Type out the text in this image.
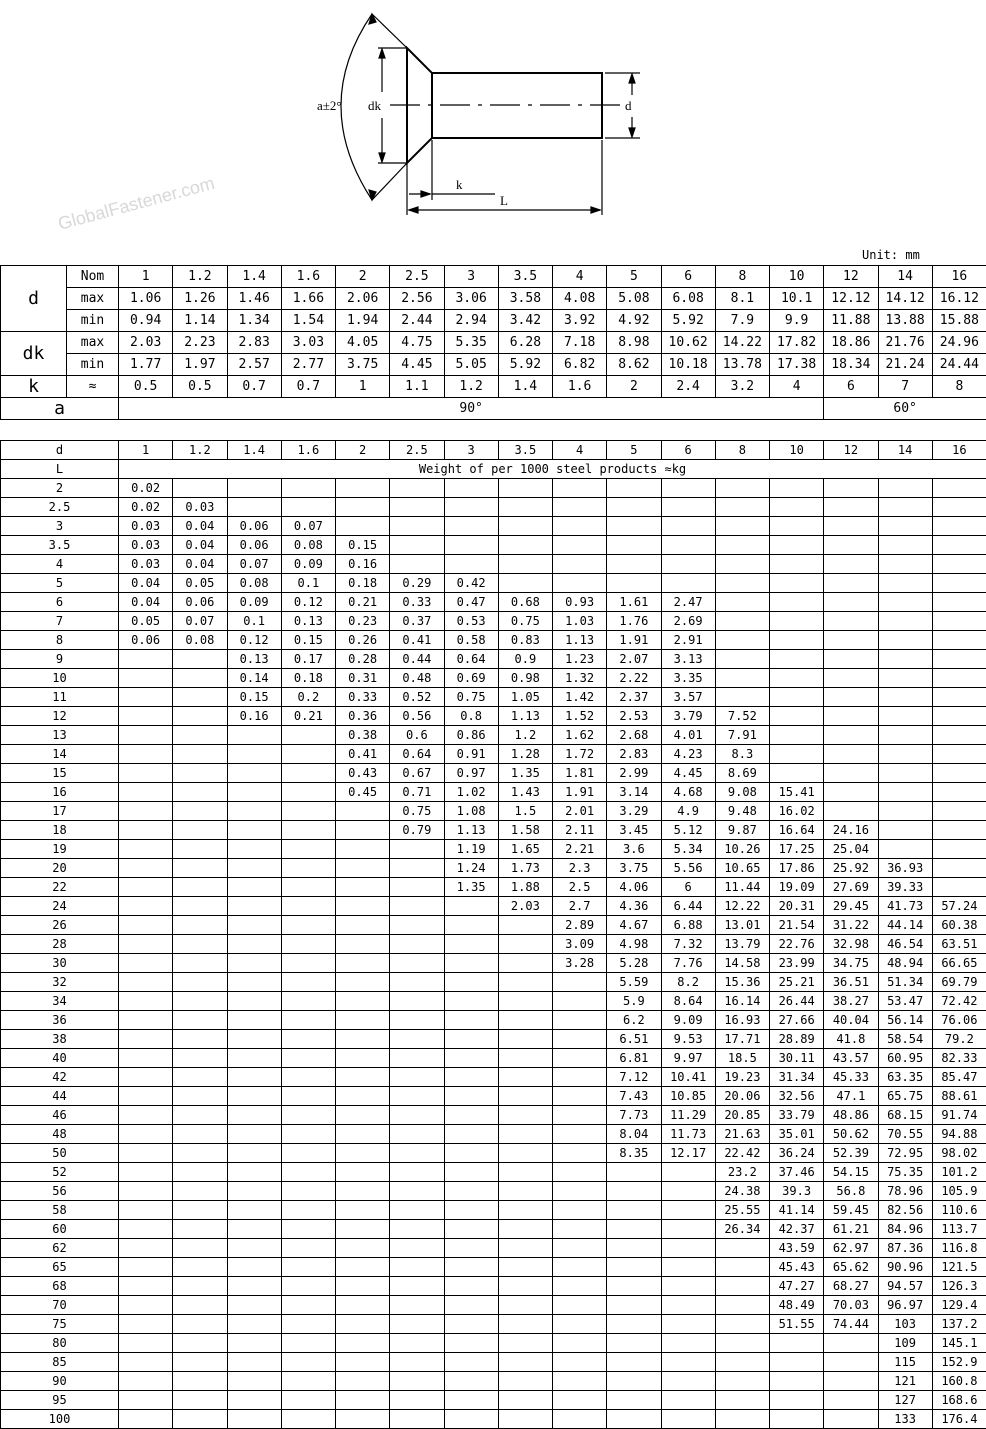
a±2° dk	d
k
L
GlobalFastener.com
Unit: mm
d	Nom	1	1.2	1.4	1.6	2	2.5	3	3.5	4	5	6	8	10	12	14	16
	max	1.06	1.26	1.46	1.66	2.06	2.56	3.06	3.58	4.08	5.08	6.08	8.1	10.1	12.12	14.12	16.12
	min	0.94	1.14	1.34	1.54	1.94	2.44	2.94	3.42	3.92	4.92	5.92	7.9	9.9	11.88	13.88	15.88
dk	max	2.03	2.23	2.83	3.03	4.05	4.75	5.35	6.28	7.18	8.98	10.62	14.22	17.82	18.86	21.76	24.96
	min	1.77	1.97	2.57	2.77	3.75	4.45	5.05	5.92	6.82	8.62	10.18	13.78	17.38	18.34	21.24	24.44
k	≈	0.5	0.5	0.7	0.7	1	1.1	1.2	1.4	1.6	2	2.4	3.2	4	6	7	8
a		90°													60°		
d	1	1.2	1.4	1.6	2	2.5	3	3.5	4	5	6	8	10	12	14	16
L	Weight of per 1000 steel products ≈kg															
2	0.02															
2.5	0.02	0.03														
3	0.03	0.04	0.06	0.07												
3.5	0.03	0.04	0.06	0.08	0.15											
4	0.03	0.04	0.07	0.09	0.16											
5	0.04	0.05	0.08	0.1	0.18	0.29	0.42									
6	0.04	0.06	0.09	0.12	0.21	0.33	0.47	0.68	0.93	1.61	2.47					
7	0.05	0.07	0.1	0.13	0.23	0.37	0.53	0.75	1.03	1.76	2.69					
8	0.06	0.08	0.12	0.15	0.26	0.41	0.58	0.83	1.13	1.91	2.91					
9			0.13	0.17	0.28	0.44	0.64	0.9	1.23	2.07	3.13					
10			0.14	0.18	0.31	0.48	0.69	0.98	1.32	2.22	3.35					
11			0.15	0.2	0.33	0.52	0.75	1.05	1.42	2.37	3.57					
12			0.16	0.21	0.36	0.56	0.8	1.13	1.52	2.53	3.79	7.52				
13					0.38	0.6	0.86	1.2	1.62	2.68	4.01	7.91				
14					0.41	0.64	0.91	1.28	1.72	2.83	4.23	8.3				
15					0.43	0.67	0.97	1.35	1.81	2.99	4.45	8.69				
16					0.45	0.71	1.02	1.43	1.91	3.14	4.68	9.08	15.41			
17						0.75	1.08	1.5	2.01	3.29	4.9	9.48	16.02			
18						0.79	1.13	1.58	2.11	3.45	5.12	9.87	16.64	24.16		
19							1.19	1.65	2.21	3.6	5.34	10.26	17.25	25.04		
20							1.24	1.73	2.3	3.75	5.56	10.65	17.86	25.92	36.93	
22							1.35	1.88	2.5	4.06	6	11.44	19.09	27.69	39.33	
24								2.03	2.7	4.36	6.44	12.22	20.31	29.45	41.73	57.24
26									2.89	4.67	6.88	13.01	21.54	31.22	44.14	60.38
28									3.09	4.98	7.32	13.79	22.76	32.98	46.54	63.51
30									3.28	5.28	7.76	14.58	23.99	34.75	48.94	66.65
32										5.59	8.2	15.36	25.21	36.51	51.34	69.79
34										5.9	8.64	16.14	26.44	38.27	53.47	72.42
36										6.2	9.09	16.93	27.66	40.04	56.14	76.06
38										6.51	9.53	17.71	28.89	41.8	58.54	79.2
40										6.81	9.97	18.5	30.11	43.57	60.95	82.33
42										7.12	10.41	19.23	31.34	45.33	63.35	85.47
44										7.43	10.85	20.06	32.56	47.1	65.75	88.61
46										7.73	11.29	20.85	33.79	48.86	68.15	91.74
48										8.04	11.73	21.63	35.01	50.62	70.55	94.88
50										8.35	12.17	22.42	36.24	52.39	72.95	98.02
52												23.2	37.46	54.15	75.35	101.2
56												24.38	39.3	56.8	78.96	105.9
58												25.55	41.14	59.45	82.56	110.6
60												26.34	42.37	61.21	84.96	113.7
62													43.59	62.97	87.36	116.8
65													45.43	65.62	90.96	121.5
68													47.27	68.27	94.57	126.3
70													48.49	70.03	96.97	129.4
75													51.55	74.44	103	137.2
80															109	145.1
85															115	152.9
90															121	160.8
95															127	168.6
100															133	176.4
